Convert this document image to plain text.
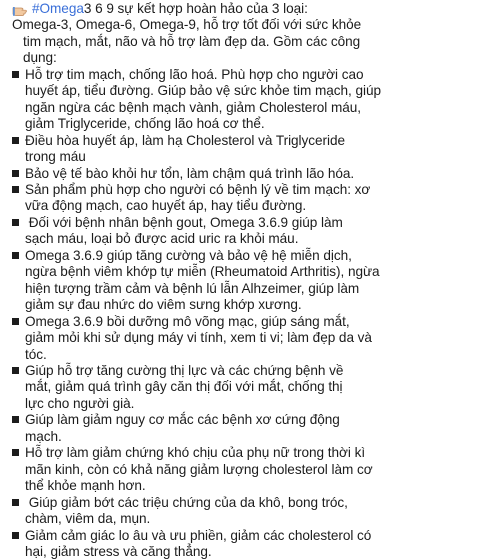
#Omega 3 6 9 sự kết hợp hoàn hảo của 3 loại:
Omega-3, Omega-6, Omega-9, hỗ trợ tốt đối với sức khỏe
tim mạch, mắt, não và hỗ trợ làm đẹp da. Gồm các công
dụng:
Hỗ trợ tim mạch, chống lão hoá. Phù hợp cho người cao
huyết áp, tiểu đường. Giúp bảo vệ sức khỏe tim mạch, giúp
ngăn ngừa các bệnh mạch vành, giảm Cholesterol máu,
giảm Triglyceride, chống lão hoá cơ thể.
Điều hòa huyết áp, làm hạ Cholesterol và Triglyceride
trong máu
Bảo vệ tế bào khỏi hư tổn, làm chậm quá trình lão hóa.
Sản phẩm phù hợp cho người có bệnh lý về tim mạch: xơ
vữa động mạch, cao huyết áp, hay tiểu đường.
Đối với bệnh nhân bệnh gout, Omega 3.6.9 giúp làm
sạch máu, loại bỏ được acid uric ra khỏi máu.
Omega 3.6.9 giúp tăng cường và bảo vệ hệ miễn dịch,
ngừa bệnh viêm khớp tự miễn (Rheumatoid Arthritis), ngừa
hiện tượng trầm cảm và bệnh lú lẫn Alhzeimer, giúp làm
giảm sự đau nhức do viêm sưng khớp xương.
Omega 3.6.9 bồi dưỡng mô võng mạc, giúp sáng mắt,
giảm mỏi khi sử dụng máy vi tính, xem ti vi; làm đẹp da và
tóc.
Giúp hỗ trợ tăng cường thị lực và các chứng bệnh về
mắt, giảm quá trình gây căn thị đối với mắt, chống thị
lực cho người già.
Giúp làm giảm nguy cơ mắc các bệnh xơ cứng động
mạch.
Hỗ trợ làm giảm chứng khó chịu của phụ nữ trong thời kì
mãn kinh, còn có khả năng giảm lượng cholesterol làm cơ
thể khỏe mạnh hơn.
Giúp giảm bớt các triệu chứng của da khô, bong tróc,
chàm, viêm da, mụn.
Giảm cảm giác lo âu và ưu phiền, giảm các cholesterol có
hại, giảm stress và căng thẳng.
